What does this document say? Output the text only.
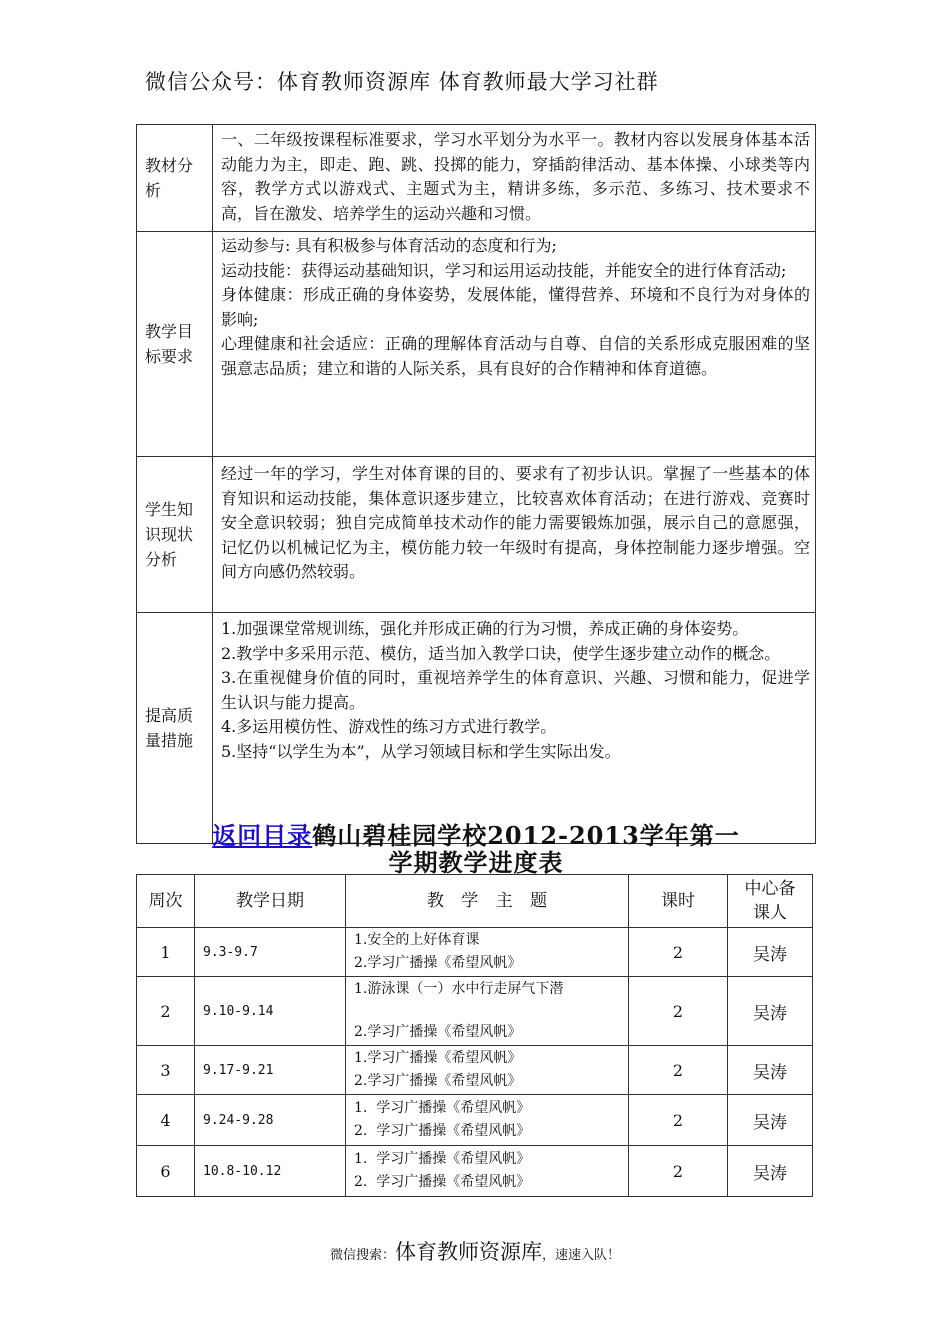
微信公众号：体育教师资源库 体育教师最大学习社群
教材分析	一、二年级按课程标准要求，学习水平划分为水平一。教材内容以发展身体基本活动能力为主，即走、跑、跳、投掷的能力，穿插韵律活动、基本体操、小球类等内容，教学方式以游戏式、主题式为主，精讲多练，多示范、多练习、技术要求不高，旨在激发、培养学生的运动兴趣和习惯。

教学目标要求	运动参与: 具有积极参与体育活动的态度和行为;

运动技能：获得运动基础知识，学习和运用运动技能，并能安全的进行体育活动;

身体健康：形成正确的身体姿势，发展体能，懂得营养、环境和不良行为对身体的影响;

心理健康和社会适应：正确的理解体育活动与自尊、自信的关系形成克服困难的坚强意志品质；建立和谐的人际关系，具有良好的合作精神和体育道德。

学生知识现状分析	经过一年的学习，学生对体育课的目的、要求有了初步认识。掌握了一些基本的体育知识和运动技能，集体意识逐步建立，比较喜欢体育活动；在进行游戏、竞赛时安全意识较弱；独自完成简单技术动作的能力需要锻炼加强，展示自己的意愿强，记忆仍以机械记忆为主，模仿能力较一年级时有提高，身体控制能力逐步增强。空间方向感仍然较弱。

提高质量措施	1.加强课堂常规训练，强化并形成正确的行为习惯，养成正确的身体姿势。

2.教学中多采用示范、模仿，适当加入教学口诀，使学生逐步建立动作的概念。

3.在重视健身价值的同时，重视培养学生的体育意识、兴趣、习惯和能力，促进学生认识与能力提高。

4.多运用模仿性、游戏性的练习方式进行教学。

5.坚持“以学生为本”，从学习领域目标和学生实际出发。

返回目录鹤山碧桂园学校2012-2013学年第一
学期教学进度表
周次	教学日期	教 学 主 题	课时	中心备
课人

1	9.3-9.7	1.安全的上好体育课
2.学习广播操《希望风帆》	2	吴涛
2	9.10-9.14	1.游泳课（一）水中行走屏气下潜
2.学习广播操《希望风帆》	2	吴涛
3	9.17-9.21	1.学习广播操《希望风帆》
2.学习广播操《希望风帆》	2	吴涛
4	9.24-9.28	1.  学习广播操《希望风帆》
2.  学习广播操《希望风帆》	2	吴涛
6	10.8-10.12	1.  学习广播操《希望风帆》
2.  学习广播操《希望风帆》	2	吴涛
微信搜索：体育教师资源库，速速入队！
